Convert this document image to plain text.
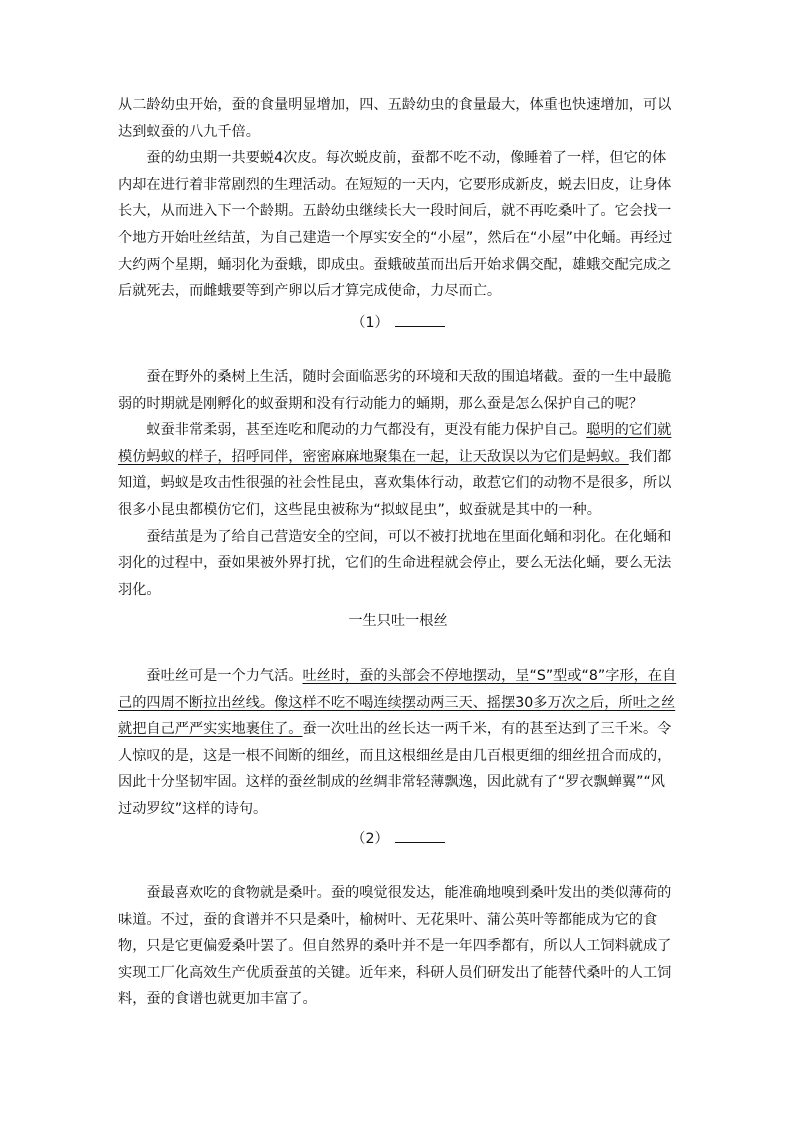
从二龄幼虫开始，蚕的食量明显增加，四、五龄幼虫的食量最大，体重也快速增加，可以达到蚁蚕的八九千倍。

蚕的幼虫期一共要蜕4次皮。每次蜕皮前，蚕都不吃不动，像睡着了一样，但它的体内却在进行着非常剧烈的生理活动。在短短的一天内，它要形成新皮，蜕去旧皮，让身体长大，从而进入下一个龄期。五龄幼虫继续长大一段时间后，就不再吃桑叶了。它会找一个地方开始吐丝结茧，为自己建造一个厚实安全的“小屋”，然后在“小屋”中化蛹。再经过大约两个星期，蛹羽化为蚕蛾，即成虫。蚕蛾破茧而出后开始求偶交配，雄蛾交配完成之后就死去，而雌蛾要等到产卵以后才算完成使命，力尽而亡。

（1）

蚕在野外的桑树上生活，随时会面临恶劣的环境和天敌的围追堵截。蚕的一生中最脆弱的时期就是刚孵化的蚁蚕期和没有行动能力的蛹期，那么蚕是怎么保护自己的呢？

蚁蚕非常柔弱，甚至连吃和爬动的力气都没有，更没有能力保护自己。聪明的它们就模仿蚂蚁的样子，招呼同伴，密密麻麻地聚集在一起，让天敌误以为它们是蚂蚁。我们都知道，蚂蚁是攻击性很强的社会性昆虫，喜欢集体行动，敢惹它们的动物不是很多，所以很多小昆虫都模仿它们，这些昆虫被称为“拟蚁昆虫”，蚁蚕就是其中的一种。

蚕结茧是为了给自己营造安全的空间，可以不被打扰地在里面化蛹和羽化。在化蛹和羽化的过程中，蚕如果被外界打扰，它们的生命进程就会停止，要么无法化蛹，要么无法羽化。

一生只吐一根丝

蚕吐丝可是一个力气活。吐丝时，蚕的头部会不停地摆动，呈“S”型或“8”字形，在自己的四周不断拉出丝线。像这样不吃不喝连续摆动两三天、摇摆30多万次之后，所吐之丝就把自己严严实实地裹住了。蚕一次吐出的丝长达一两千米，有的甚至达到了三千米。令人惊叹的是，这是一根不间断的细丝，而且这根细丝是由几百根更细的细丝扭合而成的，因此十分坚韧牢固。这样的蚕丝制成的丝绸非常轻薄飘逸，因此就有了“罗衣飘蝉翼”“风过动罗纹”这样的诗句。

（2）

蚕最喜欢吃的食物就是桑叶。蚕的嗅觉很发达，能准确地嗅到桑叶发出的类似薄荷的味道。不过，蚕的食谱并不只是桑叶，榆树叶、无花果叶、蒲公英叶等都能成为它的食物，只是它更偏爱桑叶罢了。但自然界的桑叶并不是一年四季都有，所以人工饲料就成了实现工厂化高效生产优质蚕茧的关键。近年来，科研人员们研发出了能替代桑叶的人工饲料，蚕的食谱也就更加丰富了。
